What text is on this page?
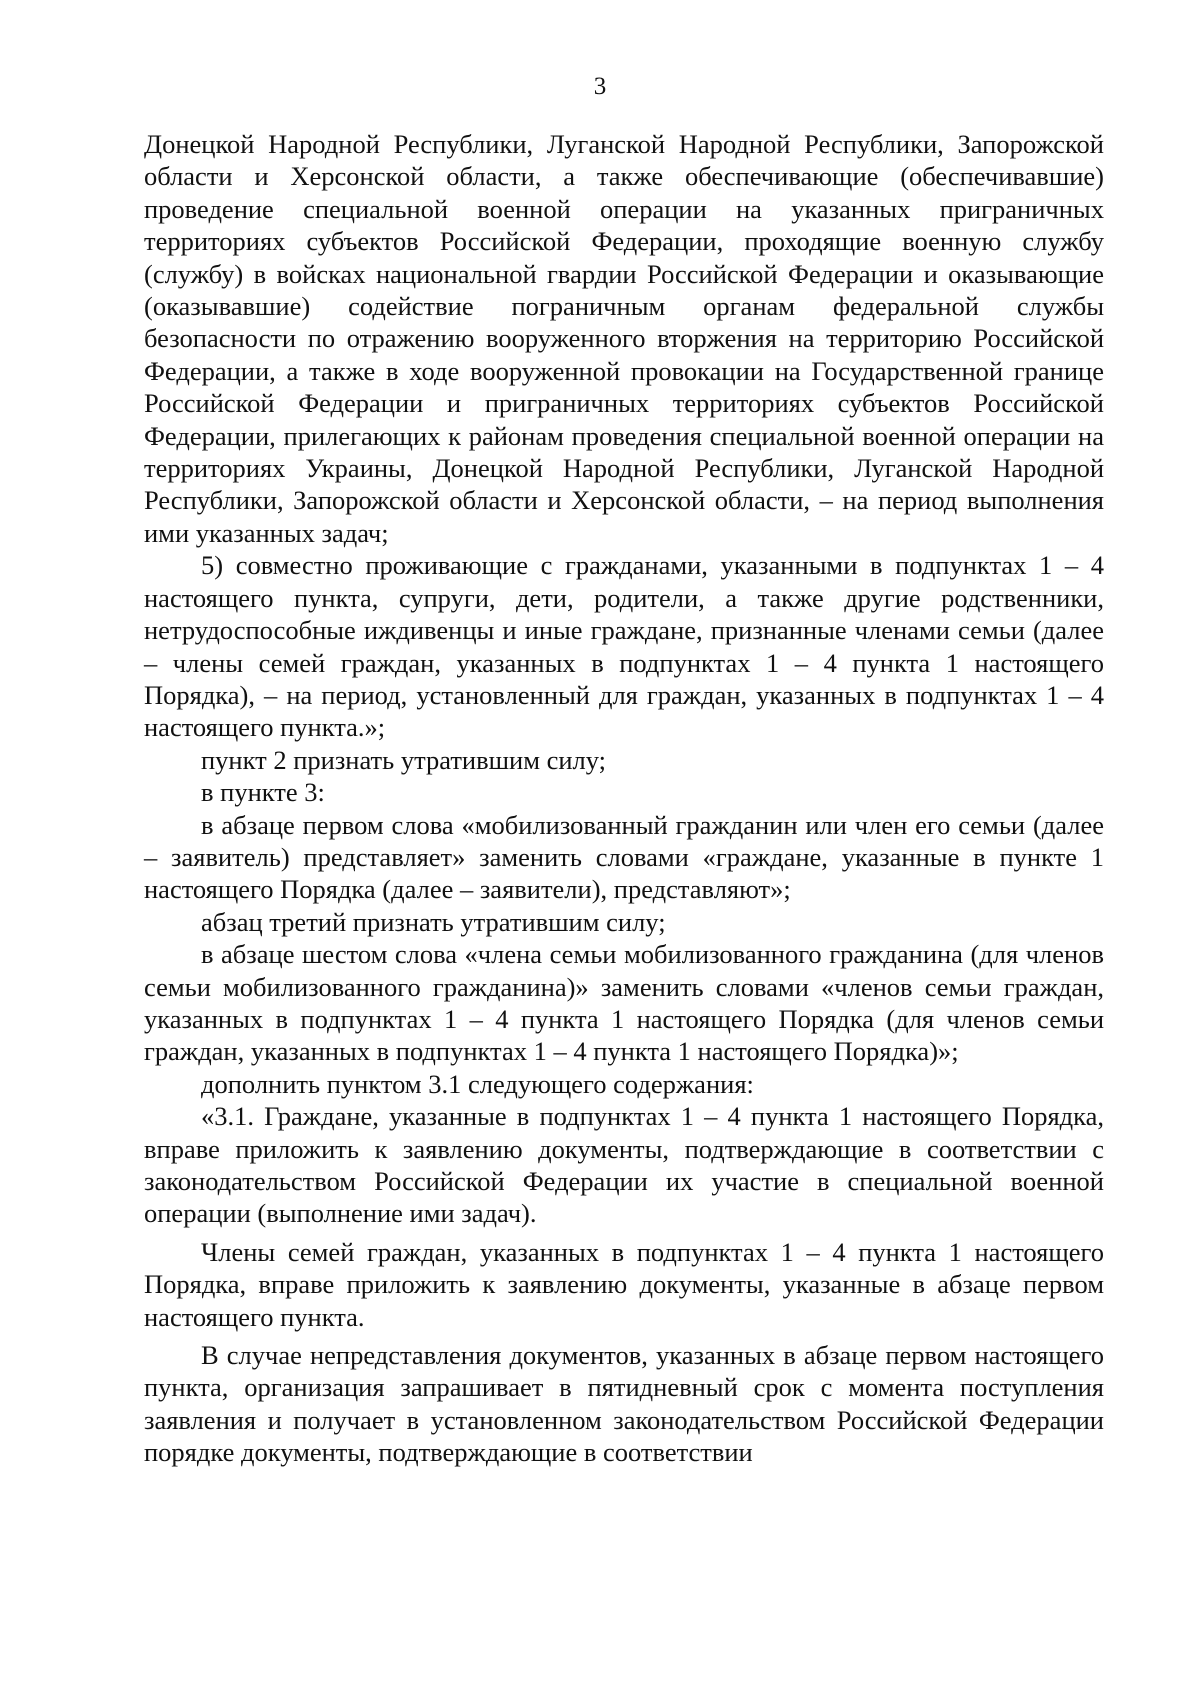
3

Донецкой Народной Республики, Луганской Народной Республики, Запорожской области и Херсонской области, а также обеспечивающие (обеспечивавшие) проведение специальной военной операции на указанных приграничных территориях субъектов Российской Федерации, проходящие военную службу (службу) в войсках национальной гвардии Российской Федерации и оказывающие (оказывавшие) содействие пограничным органам федеральной службы безопасности по отражению вооруженного вторжения на территорию Российской Федерации, а также в ходе вооруженной провокации на Государственной границе Российской Федерации и приграничных территориях субъектов Российской Федерации, прилегающих к районам проведения специальной военной операции на территориях Украины, Донецкой Народной Республики, Луганской Народной Республики, Запорожской области и Херсонской области, – на период выполнения ими указанных задач;

5) совместно проживающие с гражданами, указанными в подпунктах 1 – 4 настоящего пункта, супруги, дети, родители, а также другие родственники, нетрудоспособные иждивенцы и иные граждане, признанные членами семьи (далее – члены семей граждан, указанных в подпунктах 1 – 4 пункта 1 настоящего Порядка), – на период, установленный для граждан, указанных в подпунктах 1 – 4 настоящего пункта.»;

пункт 2 признать утратившим силу;

в пункте 3:

в абзаце первом слова «мобилизованный гражданин или член его семьи (далее – заявитель) представляет» заменить словами «граждане, указанные в пункте 1 настоящего Порядка (далее – заявители), представляют»;

абзац третий признать утратившим силу;

в абзаце шестом слова «члена семьи мобилизованного гражданина (для членов семьи мобилизованного гражданина)» заменить словами «членов семьи граждан, указанных в подпунктах 1 – 4 пункта 1 настоящего Порядка (для членов семьи граждан, указанных в подпунктах 1 – 4 пункта 1 настоящего Порядка)»;

дополнить пунктом 3.1 следующего содержания:

«3.1. Граждане, указанные в подпунктах 1 – 4 пункта 1 настоящего Порядка, вправе приложить к заявлению документы, подтверждающие в соответствии с законодательством Российской Федерации их участие в специальной военной операции (выполнение ими задач).

Члены семей граждан, указанных в подпунктах 1 – 4 пункта 1 настоящего Порядка, вправе приложить к заявлению документы, указанные в абзаце первом настоящего пункта.

В случае непредставления документов, указанных в абзаце первом настоящего пункта, организация запрашивает в пятидневный срок с момента поступления заявления и получает в установленном законодательством Российской Федерации порядке документы, подтверждающие в соответствии
